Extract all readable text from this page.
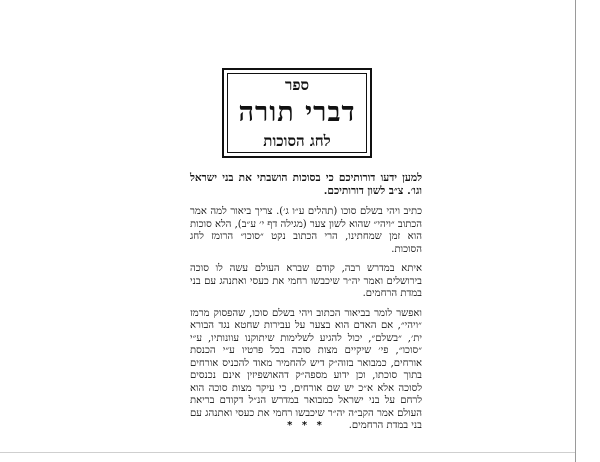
ספר
דברי תורה
לחג הסוכות

למען ידעו דורותיכם כי בסוכות הושבתי את בני ישראל וגו׳. צ״ב לשון דורותיכם.

כתיב ויהי בשלם סוכו (תהלים ע״ו ג׳). צריך ביאור למה אמר הכתוב ״ויהי״ שהוא לשון צער (מגילה דף י׳ ע״ב), הלא סוכות הוא זמן שמחתינו, הרי הכתוב נקט ״סוכו״ הרומז לחג הסוכות.

איתא במדרש רבה, קודם שברא העולם עשה לו סוכה בירושלים ואמר יה״ר שיכבשו רחמי את כעסי ואתנהג עם בני במדת הרחמים.

ואפשר לומר בביאור הכתוב ויהי בשלם סוכו, שהפסוק מרמז ״ויהי״, אם האדם הוא בצער על עבירות שחטא נגד הבורא ית׳, ״בשלם״, יכול להגיע לשלימות שיתוקנו עוונותיו, ע״י ״סוכו״, פי׳ שיקיים מצות סוכה בכל פרטיו ע״י הכנסת אורחים, כמבואר בזוה״ק דיש להחמיר מאוד להכניס אורחים בתוך סוכתו, וכן ידוע מספה״ק דהאושפיזין אינם נכנסים לסוכה אלא א״כ יש שם אורחים, כי עיקר מצות סוכה הוא לרחם על בני ישראל כמבואר במדרש הנ״ל דקודם בריאת העולם אמר הקב״ה יה״ר שיכבשו רחמי את כעסי ואתנהג עם בני במדת הרחמים.

* * *
